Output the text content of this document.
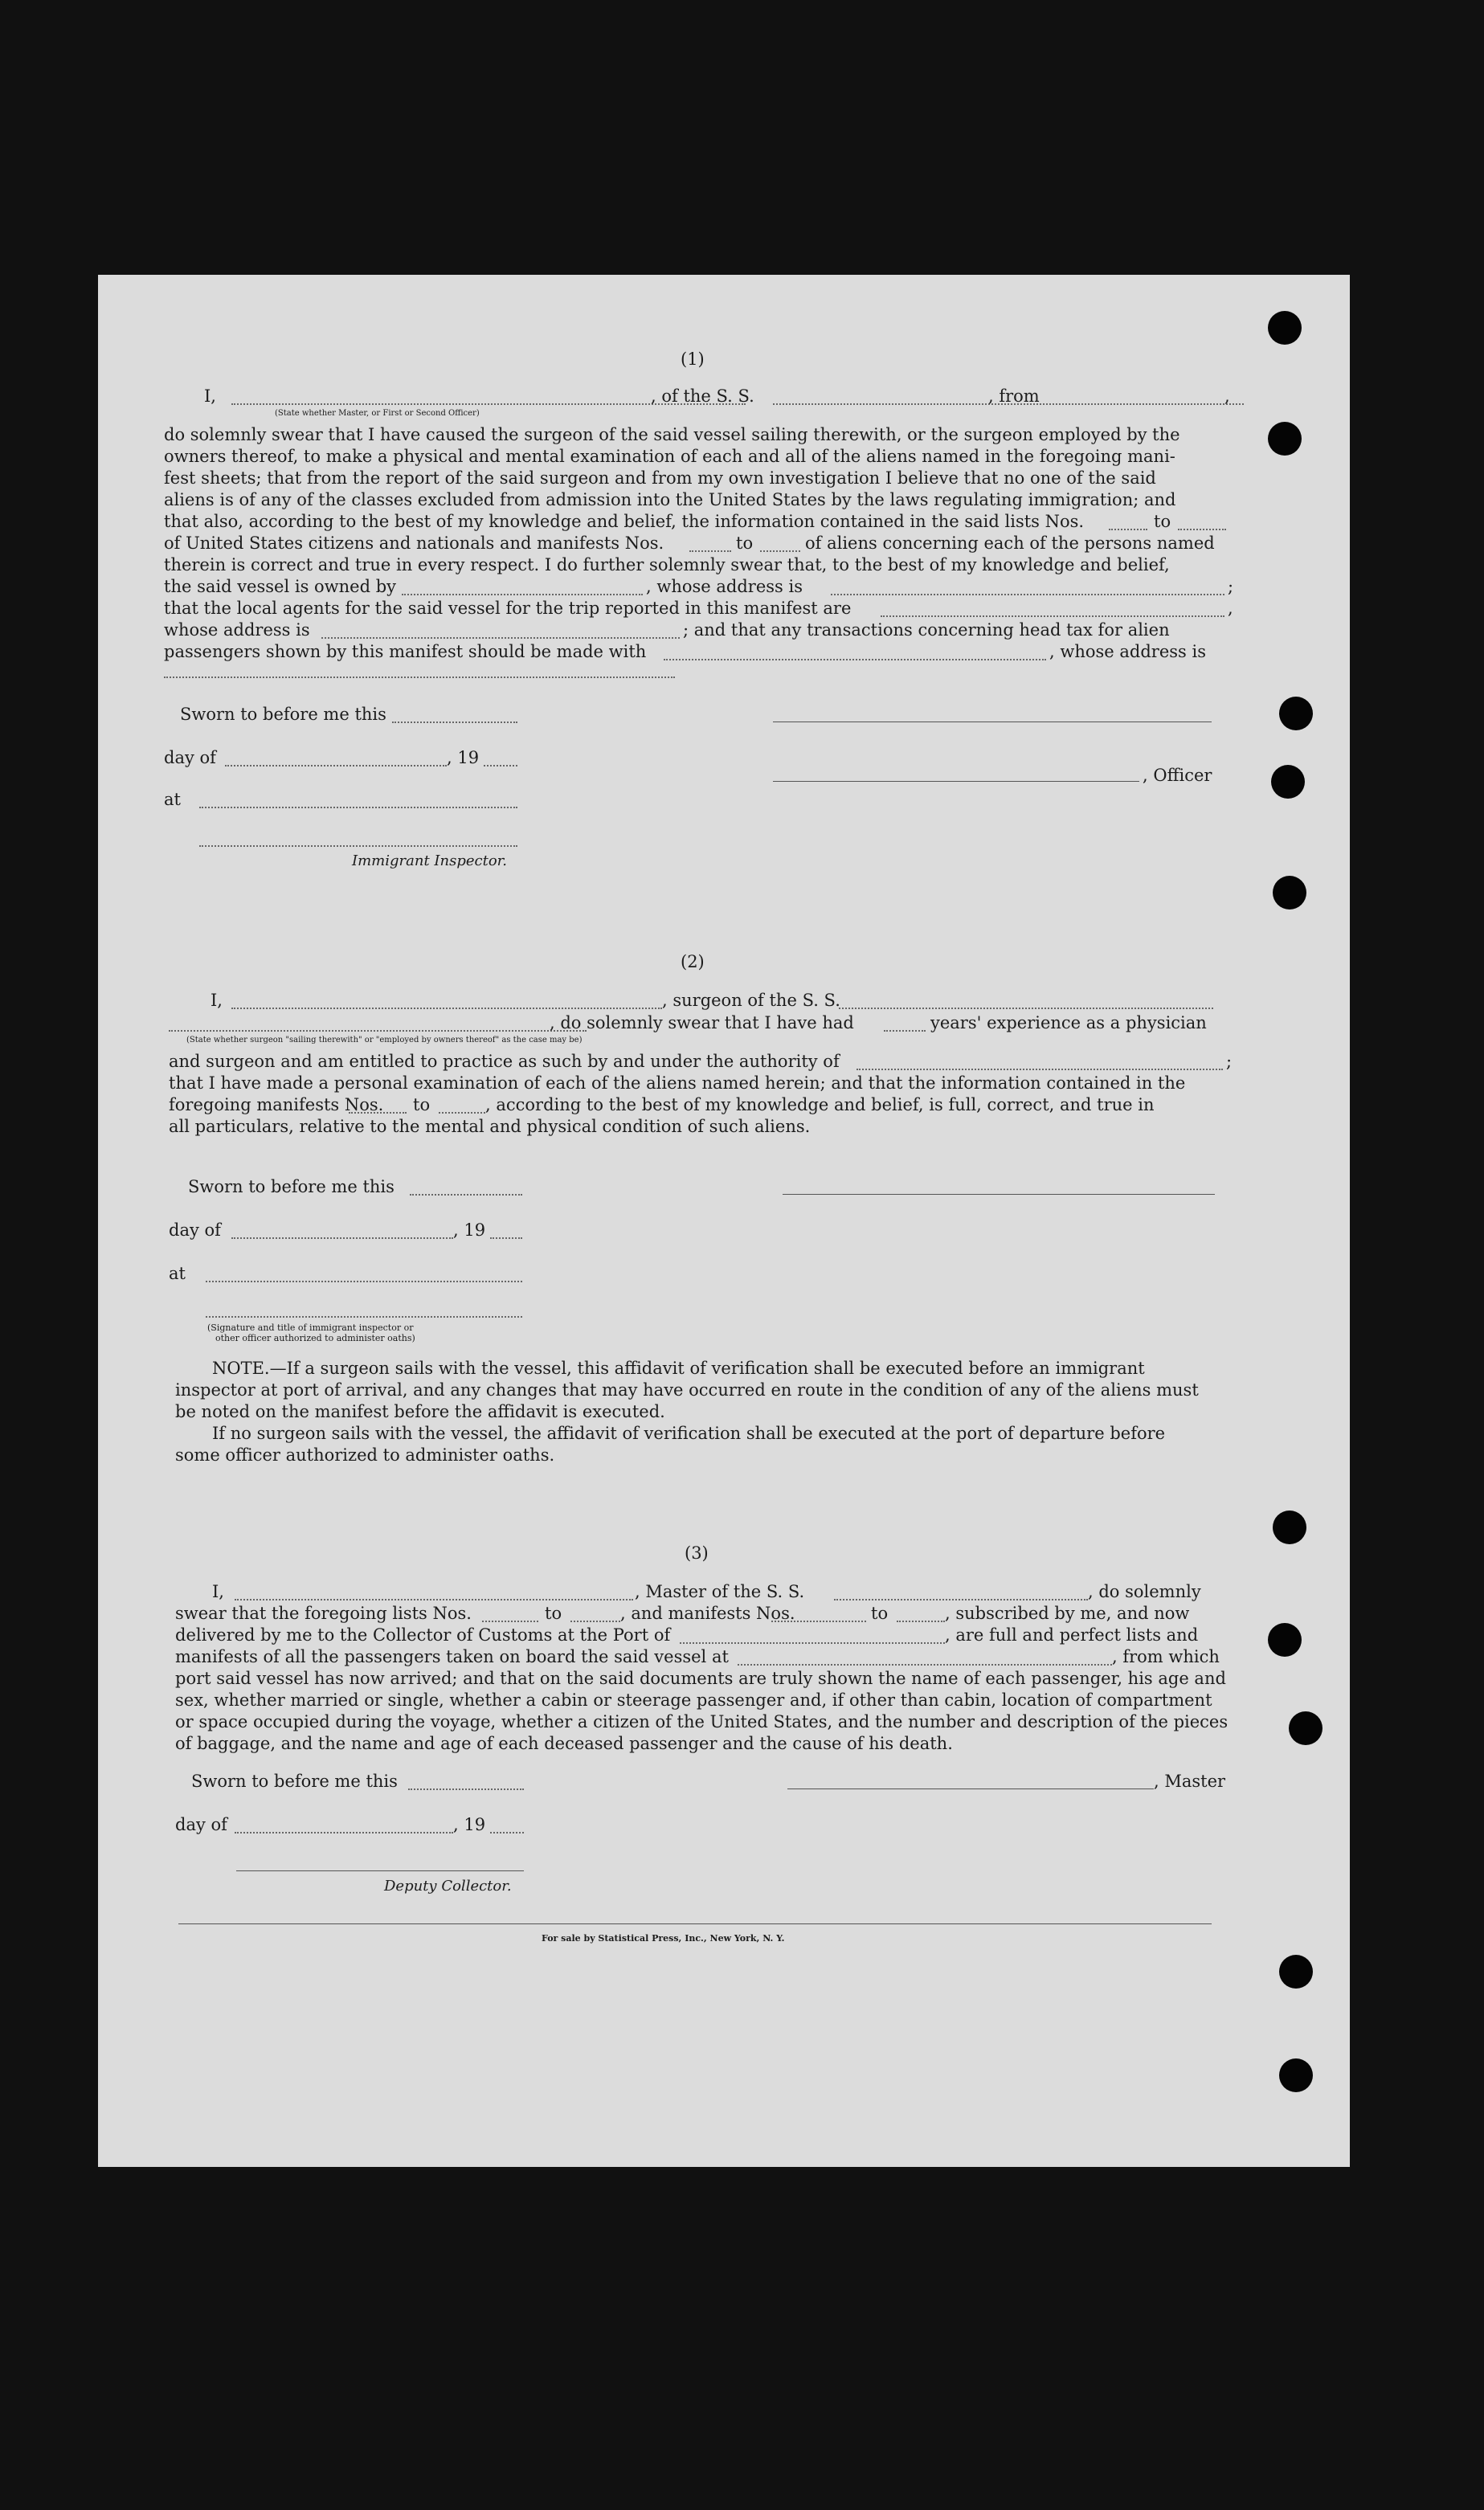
(1)
I,	, of the S. S.	, from	,
(State whether Master, or First or Second Officer)
do solemnly swear that I have caused the surgeon of the said vessel sailing therewith, or the surgeon employed by the
owners thereof, to make a physical and mental examination of each and all of the aliens named in the foregoing mani-
fest sheets; that from the report of the said surgeon and from my own investigation I believe that no one of the said
aliens is of any of the classes excluded from admission into the United States by the laws regulating immigration; and
that also, according to the best of my knowledge and belief, the information contained in the said lists Nos.	to
of United States citizens and nationals and manifests Nos.	to	of aliens concerning each of the persons named
therein is correct and true in every respect. I do further solemnly swear that, to the best of my knowledge and belief,
the said vessel is owned by	, whose address is	;
that the local agents for the said vessel for the trip reported in this manifest are	,
whose address is	; and that any transactions concerning head tax for alien
passengers shown by this manifest should be made with	, whose address is
Sworn to before me this
day of	, 19
, Officer
at
Immigrant Inspector.
(2)
I,	, surgeon of the S. S.
, do solemnly swear that I have had	years' experience as a physician
(State whether surgeon "sailing therewith" or "employed by owners thereof" as the case may be)
and surgeon and am entitled to practice as such by and under the authority of	;
that I have made a personal examination of each of the aliens named herein; and that the information contained in the
foregoing manifests Nos. to	, according to the best of my knowledge and belief, is full, correct, and true in
all particulars, relative to the mental and physical condition of such aliens.
Sworn to before me this
day of	, 19
at
(Signature and title of immigrant inspector or
other officer authorized to administer oaths)
NOTE.—If a surgeon sails with the vessel, this affidavit of verification shall be executed before an immigrant
inspector at port of arrival, and any changes that may have occurred en route in the condition of any of the aliens must
be noted on the manifest before the affidavit is executed.
If no surgeon sails with the vessel, the affidavit of verification shall be executed at the port of departure before
some officer authorized to administer oaths.
(3)
I,	, Master of the S. S.	, do solemnly
swear that the foregoing lists Nos.	to	, and manifests Nos.	to	, subscribed by me, and now
delivered by me to the Collector of Customs at the Port of	, are full and perfect lists and
manifests of all the passengers taken on board the said vessel at	, from which
port said vessel has now arrived; and that on the said documents are truly shown the name of each passenger, his age and
sex, whether married or single, whether a cabin or steerage passenger and, if other than cabin, location of compartment
or space occupied during the voyage, whether a citizen of the United States, and the number and description of the pieces
of baggage, and the name and age of each deceased passenger and the cause of his death.
Sworn to before me this	, Master
day of	, 19
Deputy Collector.
For sale by Statistical Press, Inc., New York, N. Y.
